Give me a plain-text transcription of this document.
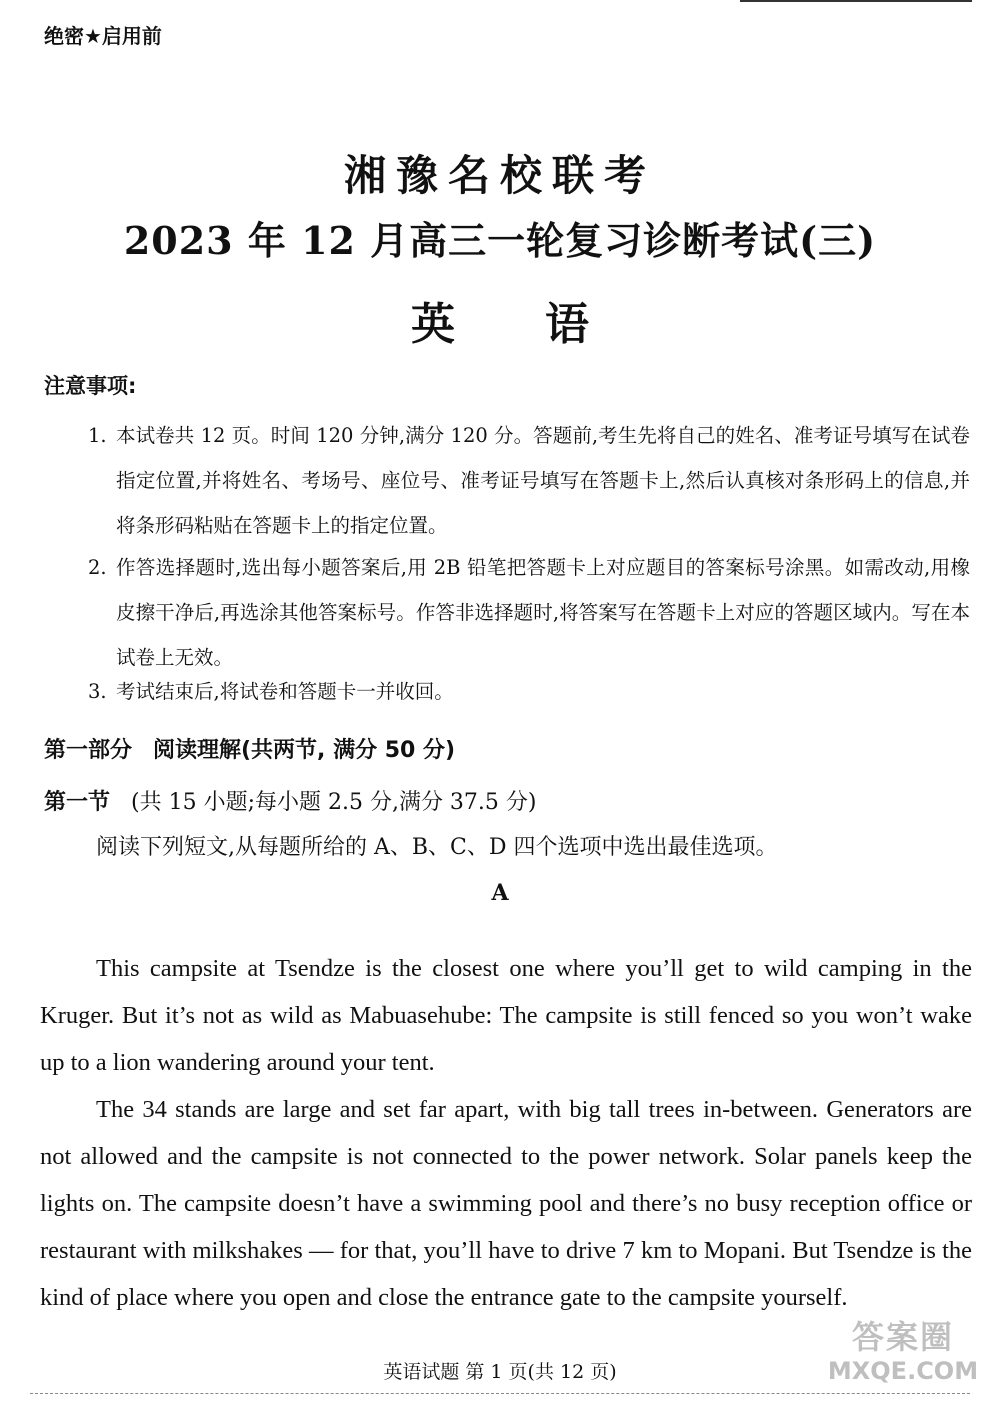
绝密★启用前
湘豫名校联考
2023 年 12 月高三一轮复习诊断考试(三)
英语
注意事项:
1. 本试卷共 12 页。时间 120 分钟,满分 120 分。答题前,考生先将自己的姓名、准考证号填写在试卷指定位置,并将姓名、考场号、座位号、准考证号填写在答题卡上,然后认真核对条形码上的信息,并将条形码粘贴在答题卡上的指定位置。
2. 作答选择题时,选出每小题答案后,用 2B 铅笔把答题卡上对应题目的答案标号涂黑。如需改动,用橡皮擦干净后,再选涂其他答案标号。作答非选择题时,将答案写在答题卡上对应的答题区域内。写在本试卷上无效。
3. 考试结束后,将试卷和答题卡一并收回。
第一部分 阅读理解(共两节, 满分 50 分)
第一节 (共 15 小题;每小题 2.5 分,满分 37.5 分)
阅读下列短文,从每题所给的 A、B、C、D 四个选项中选出最佳选项。
A

This campsite at Tsendze is the closest one where you’ll get to wild camping in the Kruger. But it’s not as wild as Mabuasehube: The campsite is still fenced so you won’t wake up to a lion wandering around your tent.

The 34 stands are large and set far apart, with big tall trees in-between. Generators are not allowed and the campsite is not connected to the power network. Solar panels keep the lights on. The campsite doesn’t have a swimming pool and there’s no busy reception office or restaurant with milkshakes — for that, you’ll have to drive 7 km to Mopani. But Tsendze is the kind of place where you open and close the entrance gate to the campsite yourself.

英语试题 第 1 页(共 12 页)
答案圈
MXQE.COM
